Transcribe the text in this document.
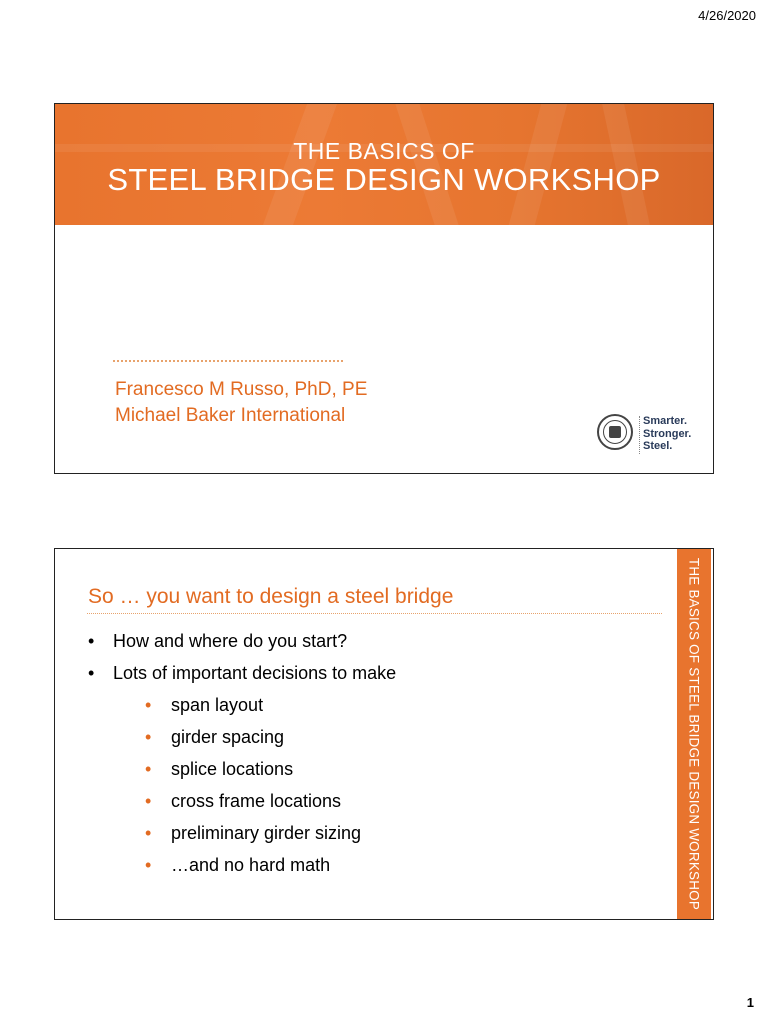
4/26/2020
THE BASICS OF
STEEL BRIDGE DESIGN WORKSHOP
Francesco M Russo, PhD, PE
Michael Baker International	Smarter.
Stronger.
Steel.
So … you want to design a steel bridge
• How and where do you start?
• Lots of important decisions to make
• span layout
• girder spacing
• splice locations
• cross frame locations
• preliminary girder sizing
• …and no hard math	THE BASICS OF STEEL BRIDGE DESIGN WORKSHOP
1
